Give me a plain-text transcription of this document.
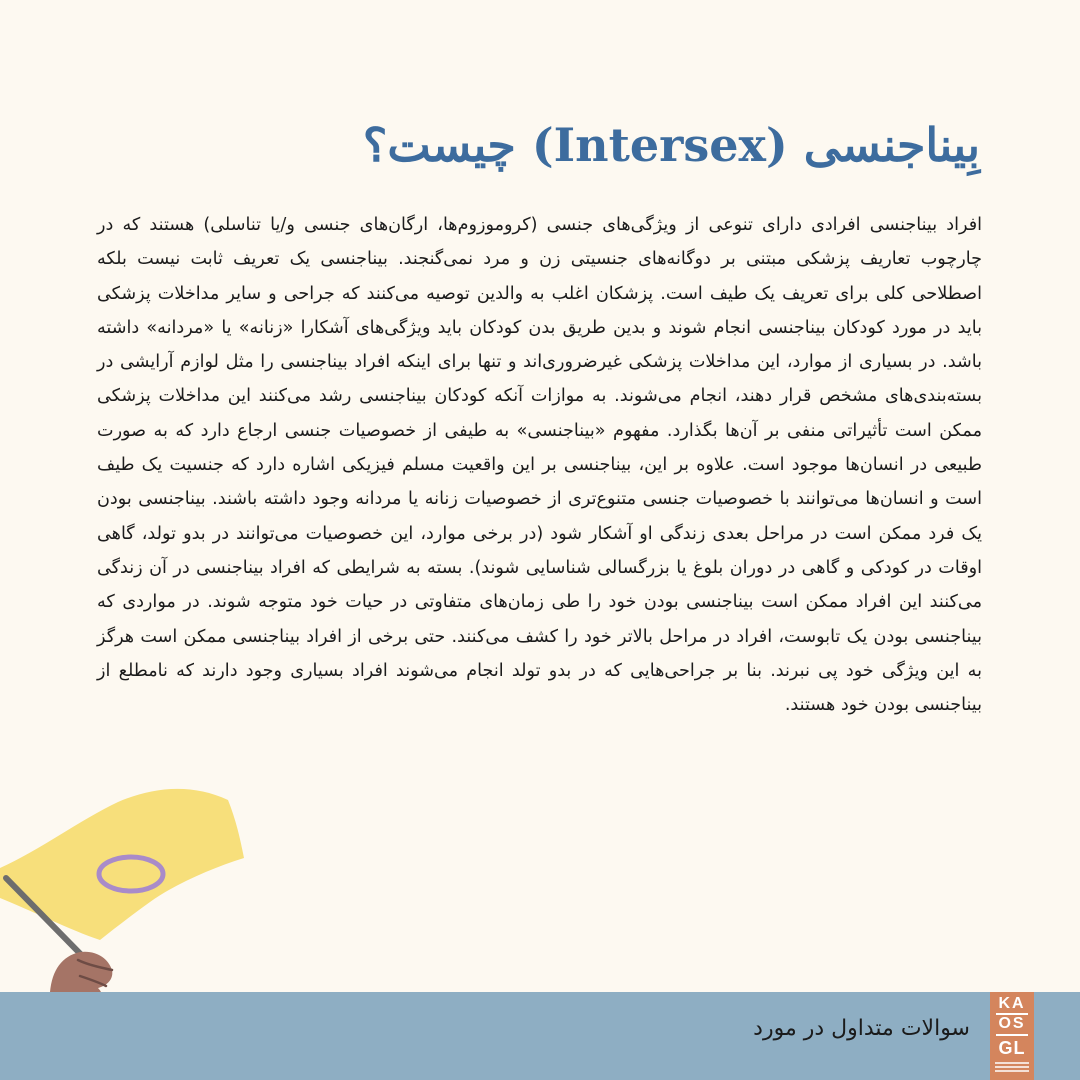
بِیناجنسی (Intersex) چیست؟

افراد بیناجنسی افرادی دارای تنوعی از ویژگی‌های جنسی (کروموزوم‌ها، ارگان‌های جنسی و/یا تناسلی) هستند که در چارچوب تعاریف پزشکی مبتنی بر دوگانه‌های جنسیتی زن و مرد نمی‌گنجند. بیناجنسی یک تعریف ثابت نیست بلکه اصطلاحی کلی برای تعریف یک طیف است. پزشکان اغلب به والدین توصیه می‌کنند که جراحی و سایر مداخلات پزشکی باید در مورد کودکان بیناجنسی انجام شوند و بدین طریق بدن کودکان باید ویژگی‌های آشکارا «زنانه» یا «مردانه» داشته باشد. در بسیاری از موارد، این مداخلات پزشکی غیرضروری‌اند و تنها برای اینکه افراد بیناجنسی را مثل لوازم آرایشی در بسته‌بندی‌های مشخص قرار دهند، انجام می‌شوند. به موازات آنکه کودکان بیناجنسی رشد می‌کنند این مداخلات پزشکی ممکن است تأثیراتی منفی بر آن‌ها بگذارد. مفهوم «بیناجنسی» به طیفی از خصوصیات جنسی ارجاع دارد که به صورت طبیعی در انسان‌ها موجود است. علاوه بر این، بیناجنسی بر این واقعیت مسلم فیزیکی اشاره دارد که جنسیت یک طیف است و انسان‌ها می‌توانند با خصوصیات جنسی متنوع‌تری از خصوصیات زنانه یا مردانه وجود داشته باشند. بیناجنسی بودن یک فرد ممکن است در مراحل بعدی زندگی او آشکار شود (در برخی موارد، این خصوصیات می‌توانند در بدو تولد، گاهی اوقات در کودکی و گاهی در دوران بلوغ یا بزرگسالی شناسایی شوند). بسته به شرایطی که افراد بیناجنسی در آن زندگی می‌کنند این افراد ممکن است بیناجنسی بودن خود را طی زمان‌های متفاوتی در حیات خود متوجه شوند. در مواردی که بیناجنسی بودن یک تابوست، افراد در مراحل بالاتر خود را کشف می‌کنند. حتی برخی از افراد بیناجنسی ممکن است هرگز به این ویژگی خود پی نبرند. بنا بر جراحی‌هایی که در بدو تولد انجام می‌شوند افراد بسیاری وجود دارند که نامطلع از بیناجنسی بودن خود هستند.

سوالات متداول در مورد
KA
OS
GL
